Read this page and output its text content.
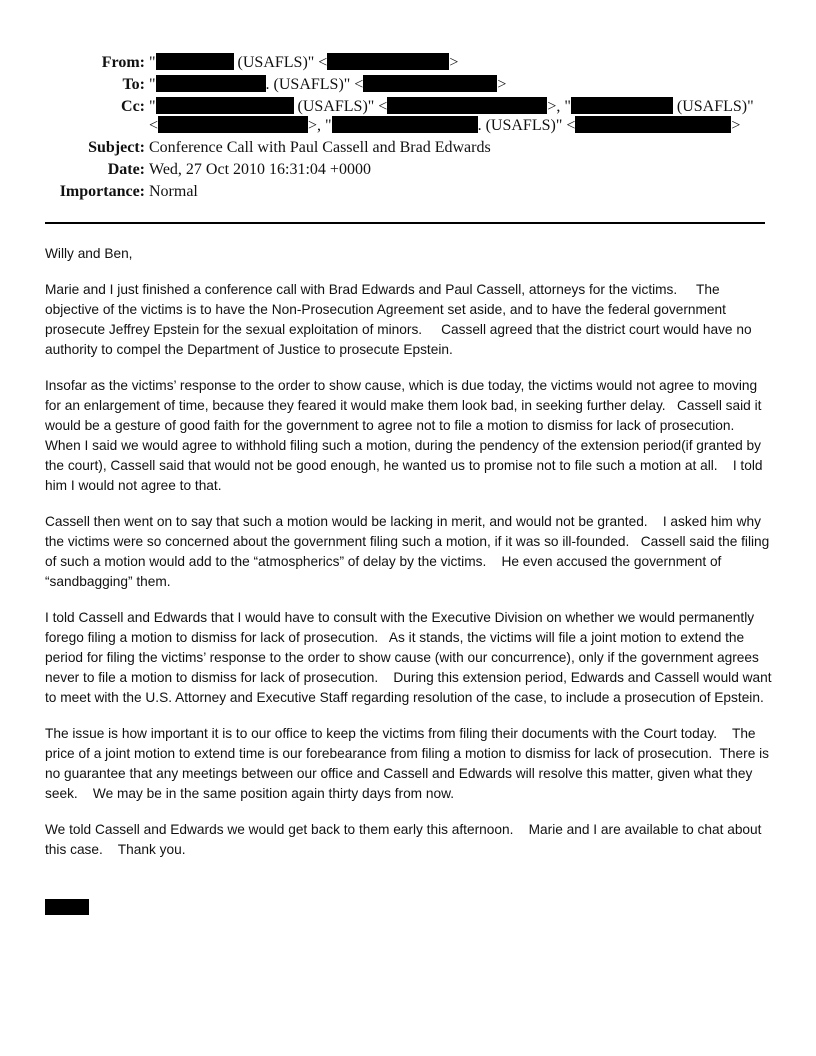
From: "	(USAFLS)" <	>
To: "	. (USAFLS)" <	>
Cc: "	(USAFLS)" <	>, "	(USAFLS)"
<	>, "	. (USAFLS)" <	>
Subject: Conference Call with Paul Cassell and Brad Edwards
Date: Wed, 27 Oct 2010 16:31:04 +0000
Importance: Normal

Willy and Ben,

Marie and I just finished a conference call with Brad Edwards and Paul Cassell, attorneys for the victims.     The objective of the victims is to have the Non-Prosecution Agreement set aside, and to have the federal government prosecute Jeffrey Epstein for the sexual exploitation of minors.     Cassell agreed that the district court would have no authority to compel the Department of Justice to prosecute Epstein.

Insofar as the victims’ response to the order to show cause, which is due today, the victims would not agree to moving for an enlargement of time, because they feared it would make them look bad, in seeking further delay.   Cassell said it would be a gesture of good faith for the government to agree not to file a motion to dismiss for lack of prosecution.    When I said we would agree to withhold filing such a motion, during the pendency of the extension period(if granted by the court), Cassell said that would not be good enough, he wanted us to promise not to file such a motion at all.    I told him I would not agree to that.

Cassell then went on to say that such a motion would be lacking in merit, and would not be granted.    I asked him why the victims were so concerned about the government filing such a motion, if it was so ill-founded.   Cassell said the filing of such a motion would add to the “atmospherics” of delay by the victims.    He even accused the government of “sandbagging” them.

I told Cassell and Edwards that I would have to consult with the Executive Division on whether we would permanently forego filing a motion to dismiss for lack of prosecution.   As it stands, the victims will file a joint motion to extend the period for filing the victims’ response to the order to show cause (with our concurrence), only if the government agrees never to file a motion to dismiss for lack of prosecution.    During this extension period, Edwards and Cassell would want to meet with the U.S. Attorney and Executive Staff regarding resolution of the case, to include a prosecution of Epstein.

The issue is how important it is to our office to keep the victims from filing their documents with the Court today.    The price of a joint motion to extend time is our forebearance from filing a motion to dismiss for lack of prosecution.  There is no guarantee that any meetings between our office and Cassell and Edwards will resolve this matter, given what they seek.    We may be in the same position again thirty days from now.

We told Cassell and Edwards we would get back to them early this afternoon.    Marie and I are available to chat about this case.    Thank you.
